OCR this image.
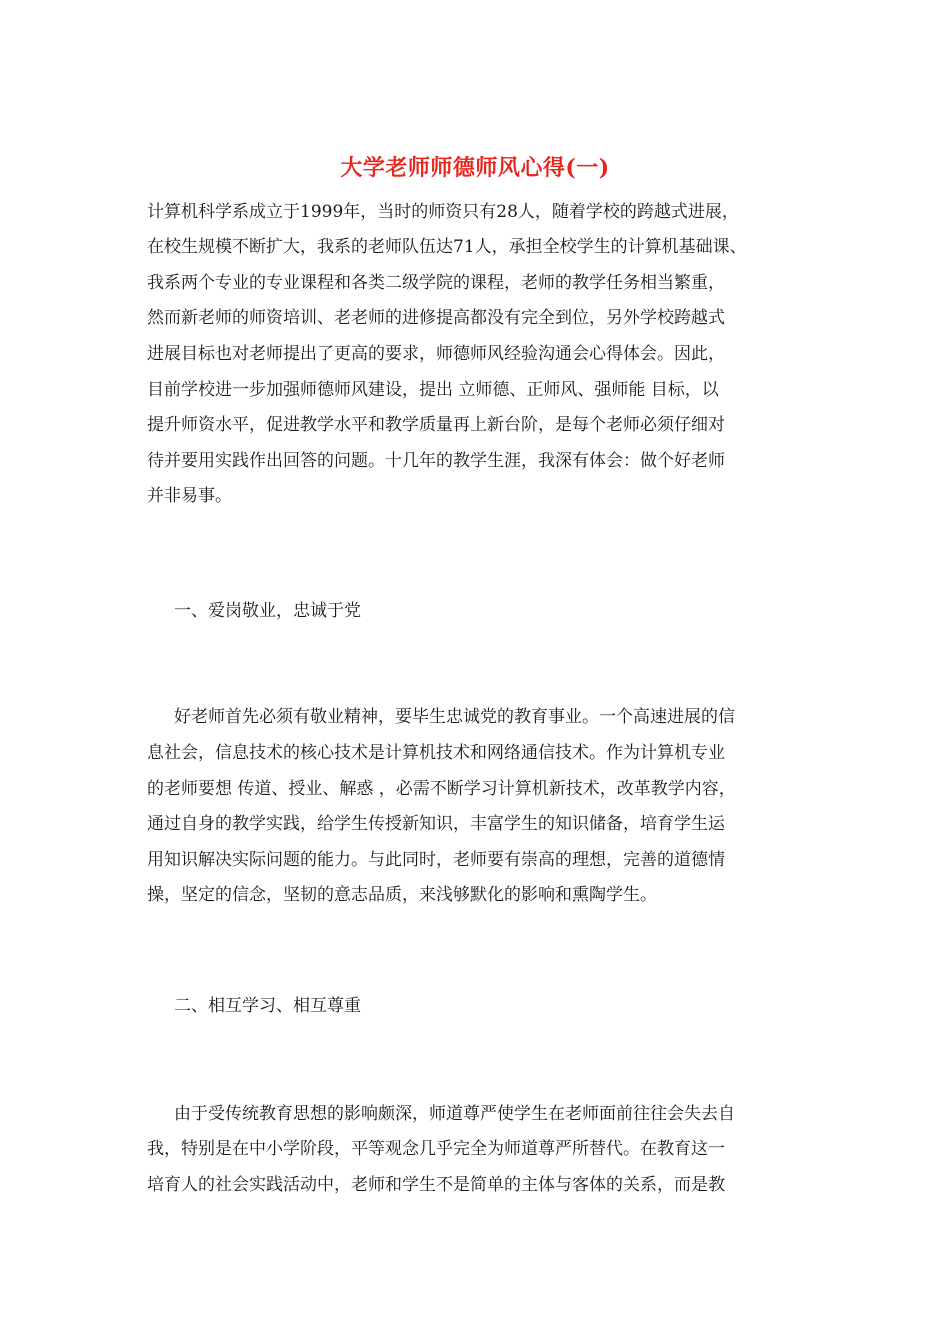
大学老师师德师风心得(一)
计算机科学系成立于1999年，当时的师资只有28人，随着学校的跨越式进展，
在校生规模不断扩大，我系的老师队伍达71人，承担全校学生的计算机基础课、
我系两个专业的专业课程和各类二级学院的课程，老师的教学任务相当繁重，
然而新老师的师资培训、老老师的进修提高都没有完全到位，另外学校跨越式
进展目标也对老师提出了更高的要求，师德师风经验沟通会心得体会。因此，
目前学校进一步加强师德师风建设，提出 立师德、正师风、强师能 目标，以
提升师资水平，促进教学水平和教学质量再上新台阶，是每个老师必须仔细对
待并要用实践作出回答的问题。十几年的教学生涯，我深有体会：做个好老师
并非易事。
一、爱岗敬业，忠诚于党
好老师首先必须有敬业精神，要毕生忠诚党的教育事业。一个高速进展的信
息社会，信息技术的核心技术是计算机技术和网络通信技术。作为计算机专业
的老师要想 传道、授业、解惑 ，必需不断学习计算机新技术，改革教学内容，
通过自身的教学实践，给学生传授新知识，丰富学生的知识储备，培育学生运
用知识解决实际问题的能力。与此同时，老师要有崇高的理想，完善的道德情
操，坚定的信念，坚韧的意志品质，来浅够默化的影响和熏陶学生。
二、相互学习、相互尊重
由于受传统教育思想的影响颇深，师道尊严使学生在老师面前往往会失去自
我，特别是在中小学阶段，平等观念几乎完全为师道尊严所替代。在教育这一
培育人的社会实践活动中，老师和学生不是简单的主体与客体的关系，而是教
